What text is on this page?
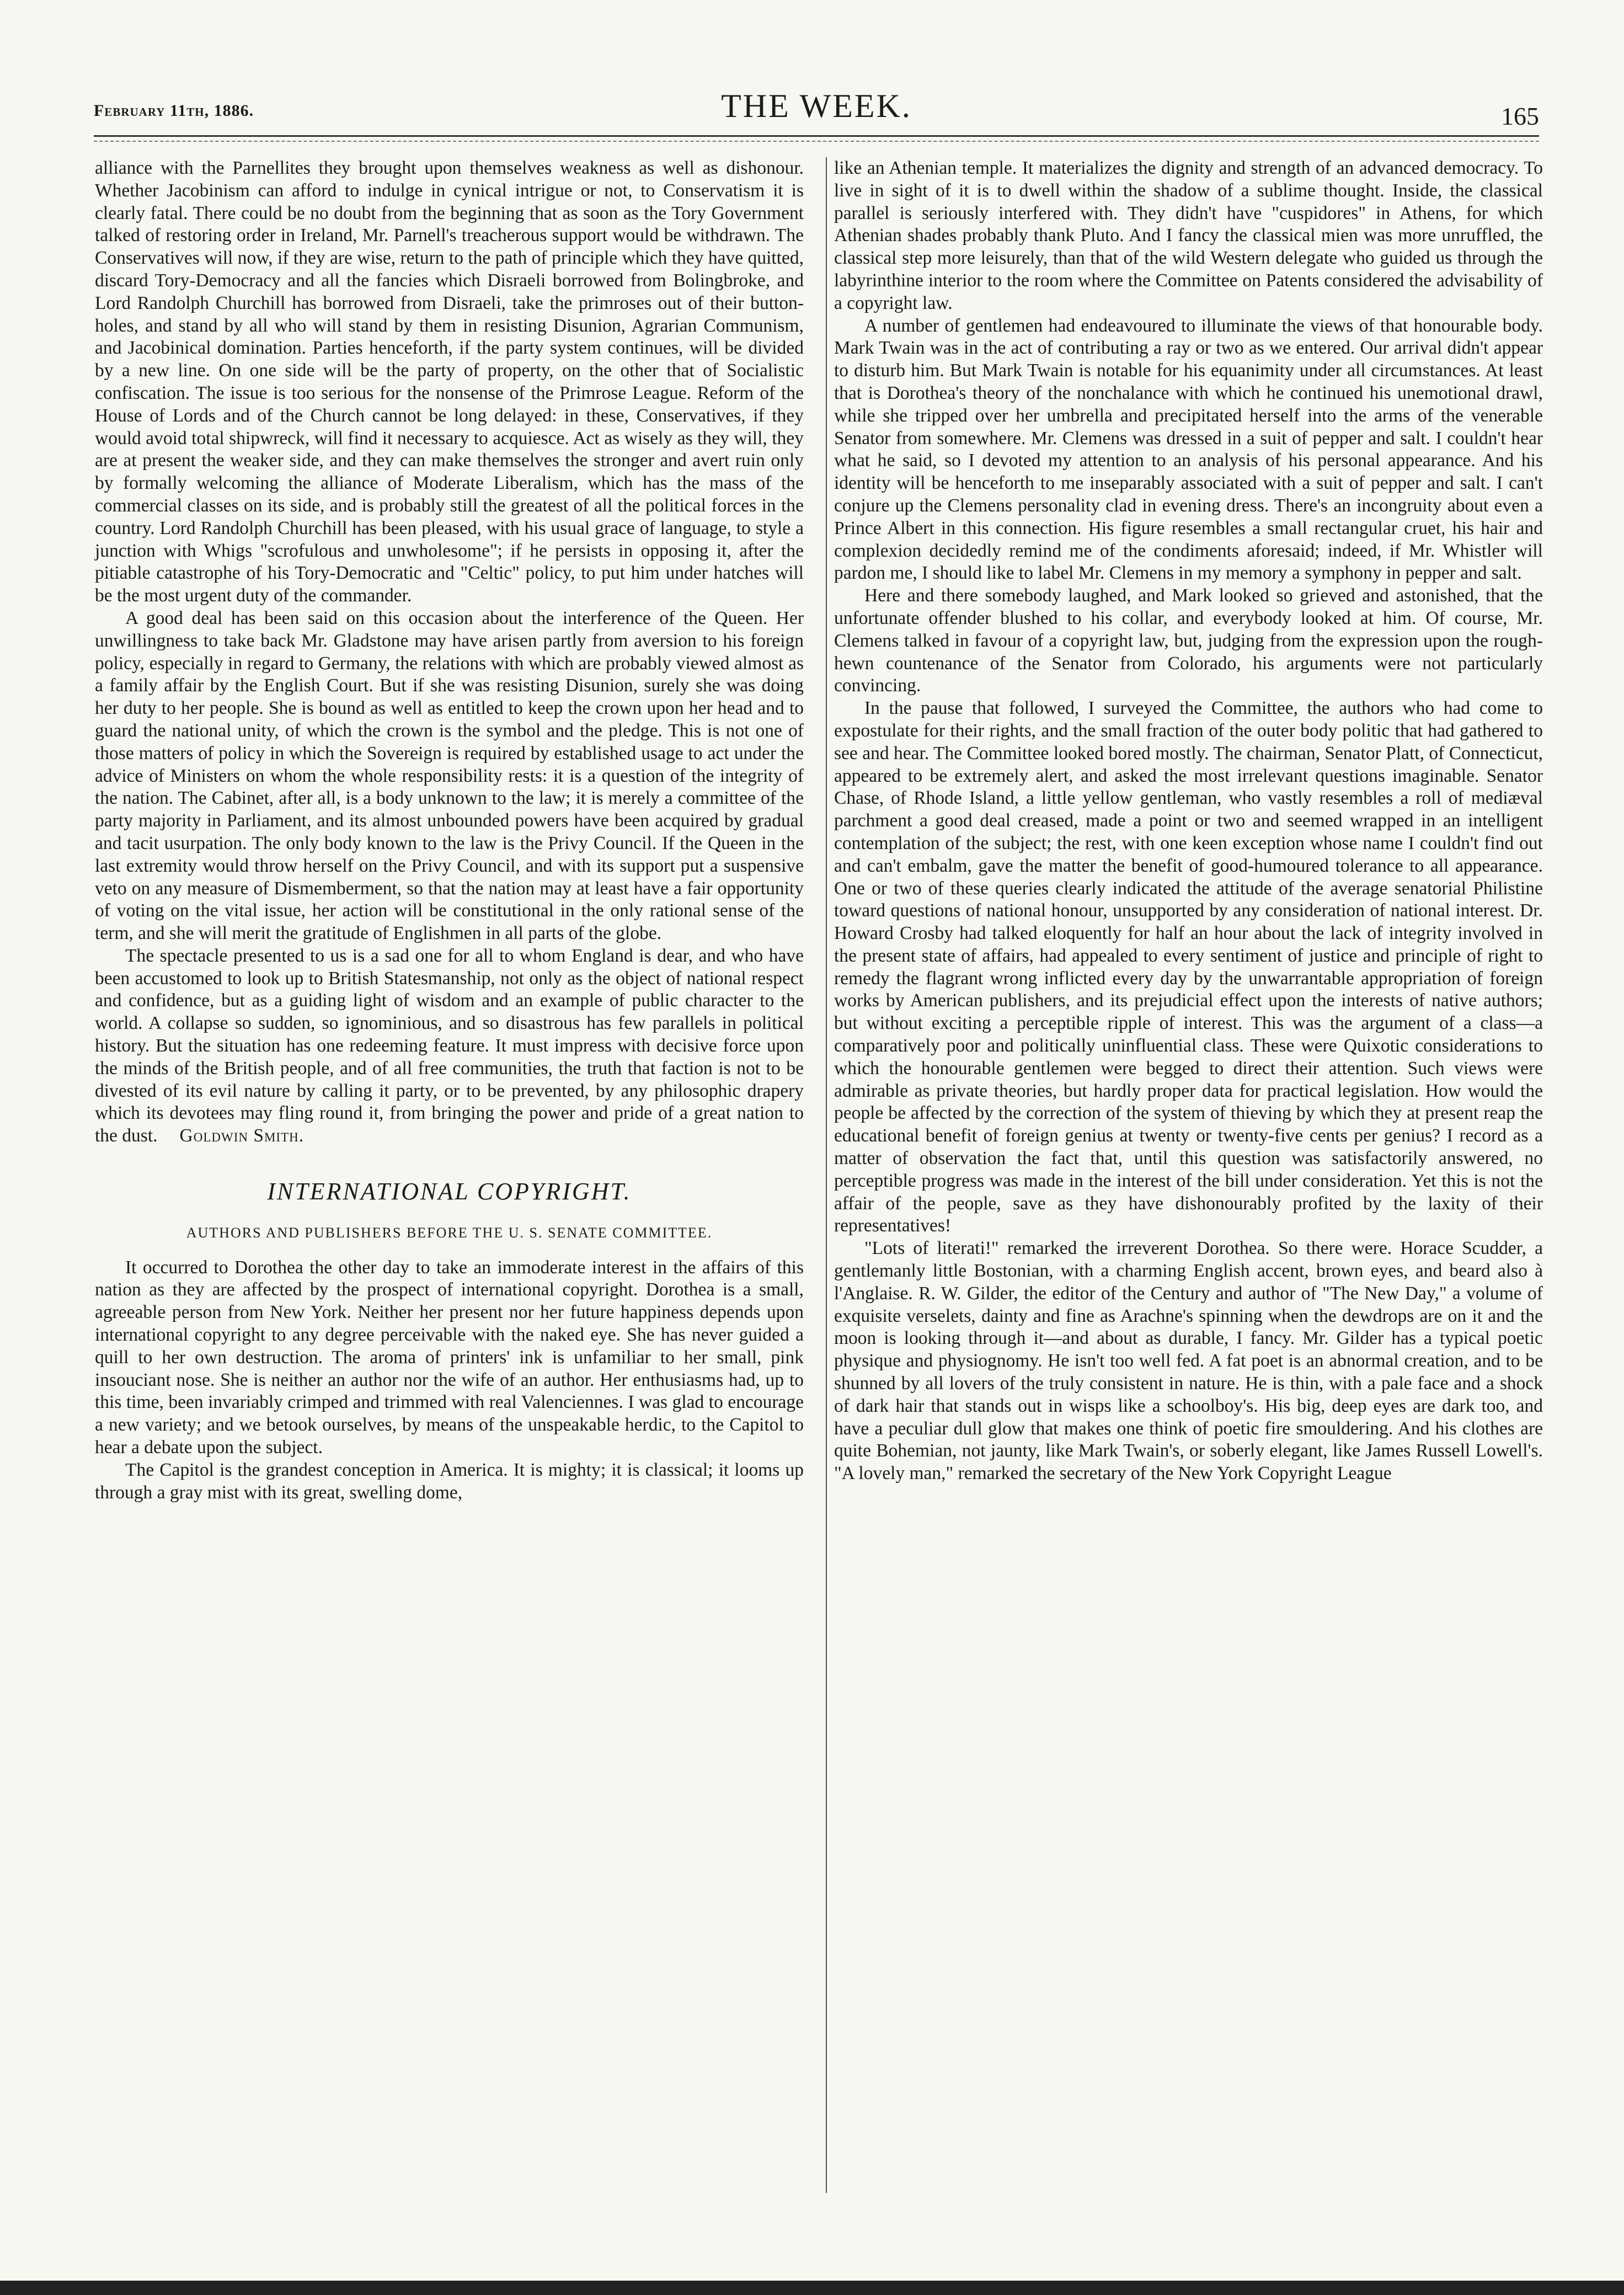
February 11th, 1886.	THE WEEK.	165

alliance with the Parnellites they brought upon themselves weakness as well as dishonour. Whether Jacobinism can afford to indulge in cynical intrigue or not, to Conservatism it is clearly fatal. There could be no doubt from the beginning that as soon as the Tory Government talked of restoring order in Ireland, Mr. Parnell's treacherous support would be withdrawn. The Conservatives will now, if they are wise, return to the path of principle which they have quitted, discard Tory-Democracy and all the fancies which Disraeli borrowed from Bolingbroke, and Lord Randolph Churchill has borrowed from Disraeli, take the primroses out of their button-holes, and stand by all who will stand by them in resisting Disunion, Agrarian Communism, and Jacobinical domination. Parties henceforth, if the party system continues, will be divided by a new line. On one side will be the party of property, on the other that of Socialistic confiscation. The issue is too serious for the nonsense of the Primrose League. Reform of the House of Lords and of the Church cannot be long delayed: in these, Conservatives, if they would avoid total shipwreck, will find it necessary to acquiesce. Act as wisely as they will, they are at present the weaker side, and they can make themselves the stronger and avert ruin only by formally welcoming the alliance of Moderate Liberalism, which has the mass of the commercial classes on its side, and is probably still the greatest of all the political forces in the country. Lord Randolph Churchill has been pleased, with his usual grace of language, to style a junction with Whigs "scrofulous and unwholesome"; if he persists in opposing it, after the pitiable catastrophe of his Tory-Democratic and "Celtic" policy, to put him under hatches will be the most urgent duty of the commander.

A good deal has been said on this occasion about the interference of the Queen. Her unwillingness to take back Mr. Gladstone may have arisen partly from aversion to his foreign policy, especially in regard to Germany, the relations with which are probably viewed almost as a family affair by the English Court. But if she was resisting Disunion, surely she was doing her duty to her people. She is bound as well as entitled to keep the crown upon her head and to guard the national unity, of which the crown is the symbol and the pledge. This is not one of those matters of policy in which the Sovereign is required by established usage to act under the advice of Ministers on whom the whole responsibility rests: it is a question of the integrity of the nation. The Cabinet, after all, is a body unknown to the law; it is merely a committee of the party majority in Parliament, and its almost unbounded powers have been acquired by gradual and tacit usurpation. The only body known to the law is the Privy Council. If the Queen in the last extremity would throw herself on the Privy Council, and with its support put a suspensive veto on any measure of Dismemberment, so that the nation may at least have a fair opportunity of voting on the vital issue, her action will be constitutional in the only rational sense of the term, and she will merit the gratitude of Englishmen in all parts of the globe.

The spectacle presented to us is a sad one for all to whom England is dear, and who have been accustomed to look up to British Statesmanship, not only as the object of national respect and confidence, but as a guiding light of wisdom and an example of public character to the world. A collapse so sudden, so ignominious, and so disastrous has few parallels in political history. But the situation has one redeeming feature. It must impress with decisive force upon the minds of the British people, and of all free communities, the truth that faction is not to be divested of its evil nature by calling it party, or to be prevented, by any philosophic drapery which its devotees may fling round it, from bringing the power and pride of a great nation to the dust. Goldwin Smith.

INTERNATIONAL COPYRIGHT.
AUTHORS AND PUBLISHERS BEFORE THE U. S. SENATE COMMITTEE.

It occurred to Dorothea the other day to take an immoderate interest in the affairs of this nation as they are affected by the prospect of international copyright. Dorothea is a small, agreeable person from New York. Neither her present nor her future happiness depends upon international copyright to any degree perceivable with the naked eye. She has never guided a quill to her own destruction. The aroma of printers' ink is unfamiliar to her small, pink insouciant nose. She is neither an author nor the wife of an author. Her enthusiasms had, up to this time, been invariably crimped and trimmed with real Valenciennes. I was glad to encourage a new variety; and we betook ourselves, by means of the unspeakable herdic, to the Capitol to hear a debate upon the subject.

The Capitol is the grandest conception in America. It is mighty; it is classical; it looms up through a gray mist with its great, swelling dome,

like an Athenian temple. It materializes the dignity and strength of an advanced democracy. To live in sight of it is to dwell within the shadow of a sublime thought. Inside, the classical parallel is seriously interfered with. They didn't have "cuspidores" in Athens, for which Athenian shades probably thank Pluto. And I fancy the classical mien was more unruffled, the classical step more leisurely, than that of the wild Western delegate who guided us through the labyrinthine interior to the room where the Committee on Patents considered the advisability of a copyright law.

A number of gentlemen had endeavoured to illuminate the views of that honourable body. Mark Twain was in the act of contributing a ray or two as we entered. Our arrival didn't appear to disturb him. But Mark Twain is notable for his equanimity under all circumstances. At least that is Dorothea's theory of the nonchalance with which he continued his unemotional drawl, while she tripped over her umbrella and precipitated herself into the arms of the venerable Senator from somewhere. Mr. Clemens was dressed in a suit of pepper and salt. I couldn't hear what he said, so I devoted my attention to an analysis of his personal appearance. And his identity will be henceforth to me inseparably associated with a suit of pepper and salt. I can't conjure up the Clemens personality clad in evening dress. There's an incongruity about even a Prince Albert in this connection. His figure resembles a small rectangular cruet, his hair and complexion decidedly remind me of the condiments aforesaid; indeed, if Mr. Whistler will pardon me, I should like to label Mr. Clemens in my memory a symphony in pepper and salt.

Here and there somebody laughed, and Mark looked so grieved and astonished, that the unfortunate offender blushed to his collar, and everybody looked at him. Of course, Mr. Clemens talked in favour of a copyright law, but, judging from the expression upon the rough-hewn countenance of the Senator from Colorado, his arguments were not particularly convincing.

In the pause that followed, I surveyed the Committee, the authors who had come to expostulate for their rights, and the small fraction of the outer body politic that had gathered to see and hear. The Committee looked bored mostly. The chairman, Senator Platt, of Connecticut, appeared to be extremely alert, and asked the most irrelevant questions imaginable. Senator Chase, of Rhode Island, a little yellow gentleman, who vastly resembles a roll of mediæval parchment a good deal creased, made a point or two and seemed wrapped in an intelligent contemplation of the subject; the rest, with one keen exception whose name I couldn't find out and can't embalm, gave the matter the benefit of good-humoured tolerance to all appearance. One or two of these queries clearly indicated the attitude of the average senatorial Philistine toward questions of national honour, unsupported by any consideration of national interest. Dr. Howard Crosby had talked eloquently for half an hour about the lack of integrity involved in the present state of affairs, had appealed to every sentiment of justice and principle of right to remedy the flagrant wrong inflicted every day by the unwarrantable appropriation of foreign works by American publishers, and its prejudicial effect upon the interests of native authors; but without exciting a perceptible ripple of interest. This was the argument of a class—a comparatively poor and politically uninfluential class. These were Quixotic considerations to which the honourable gentlemen were begged to direct their attention. Such views were admirable as private theories, but hardly proper data for practical legislation. How would the people be affected by the correction of the system of thieving by which they at present reap the educational benefit of foreign genius at twenty or twenty-five cents per genius? I record as a matter of observation the fact that, until this question was satisfactorily answered, no perceptible progress was made in the interest of the bill under consideration. Yet this is not the affair of the people, save as they have dishonourably profited by the laxity of their representatives!

"Lots of literati!" remarked the irreverent Dorothea. So there were. Horace Scudder, a gentlemanly little Bostonian, with a charming English accent, brown eyes, and beard also à l'Anglaise. R. W. Gilder, the editor of the Century and author of "The New Day," a volume of exquisite verselets, dainty and fine as Arachne's spinning when the dewdrops are on it and the moon is looking through it—and about as durable, I fancy. Mr. Gilder has a typical poetic physique and physiognomy. He isn't too well fed. A fat poet is an abnormal creation, and to be shunned by all lovers of the truly consistent in nature. He is thin, with a pale face and a shock of dark hair that stands out in wisps like a schoolboy's. His big, deep eyes are dark too, and have a peculiar dull glow that makes one think of poetic fire smouldering. And his clothes are quite Bohemian, not jaunty, like Mark Twain's, or soberly elegant, like James Russell Lowell's. "A lovely man," remarked the secretary of the New York Copyright League
